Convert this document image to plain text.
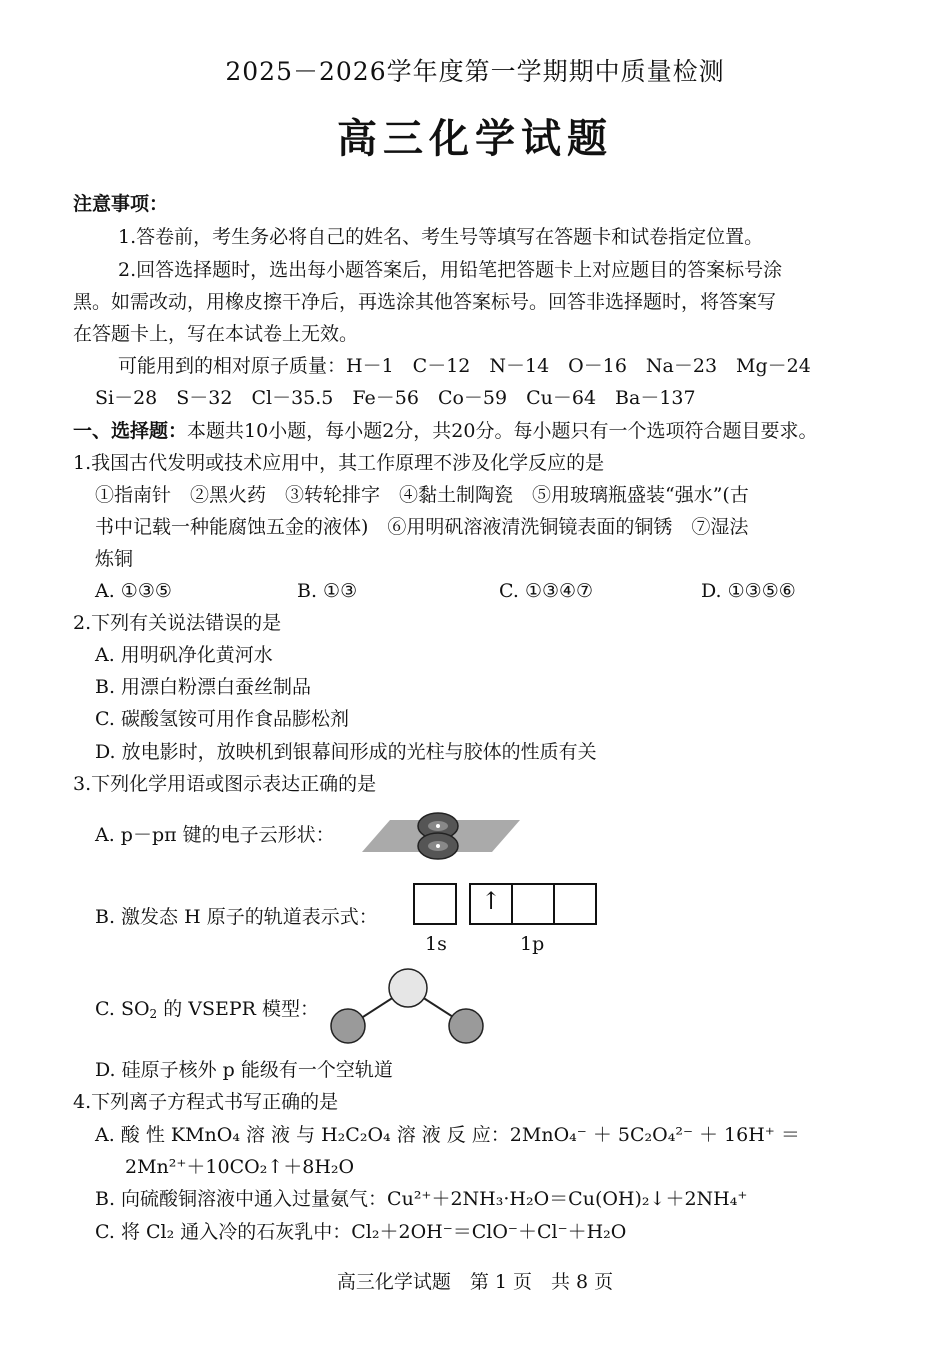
2025－2026学年度第一学期期中质量检测
高三化学试题
注意事项：
1.答卷前，考生务必将自己的姓名、考生号等填写在答题卡和试卷指定位置。
2.回答选择题时，选出每小题答案后，用铅笔把答题卡上对应题目的答案标号涂
黑。如需改动，用橡皮擦干净后，再选涂其他答案标号。回答非选择题时，将答案写
在答题卡上，写在本试卷上无效。
可能用到的相对原子质量：H－1　C－12　N－14　O－16　Na－23　Mg－24
Si－28　S－32　Cl－35.5　Fe－56　Co－59　Cu－64　Ba－137
一、选择题：本题共10小题，每小题2分，共20分。每小题只有一个选项符合题目要求。
1.我国古代发明或技术应用中，其工作原理不涉及化学反应的是
①指南针　②黑火药　③转轮排字　④黏土制陶瓷　⑤用玻璃瓶盛装“强水”(古
书中记载一种能腐蚀五金的液体)　⑥用明矾溶液清洗铜镜表面的铜锈　⑦湿法
炼铜
A. ①③⑤	B. ①③	C. ①③④⑦	D. ①③⑤⑥
2.下列有关说法错误的是
A. 用明矾净化黄河水
B. 用漂白粉漂白蚕丝制品
C. 碳酸氢铵可用作食品膨松剂
D. 放电影时，放映机到银幕间形成的光柱与胶体的性质有关
3.下列化学用语或图示表达正确的是
A. p－pπ 键的电子云形状：
B. 激发态 H 原子的轨道表示式：
↑
1s	1p
C. $SO_2$ 的 VSEPR 模型：
D. 硅原子核外 p 能级有一个空轨道
4.下列离子方程式书写正确的是
A. 酸 性 KMnO₄ 溶 液 与 H₂C₂O₄ 溶 液 反 应：2MnO₄⁻ ＋ 5C₂O₄²⁻ ＋ 16H⁺ ＝
2Mn²⁺＋10CO₂↑＋8H₂O
B. 向硫酸铜溶液中通入过量氨气：Cu²⁺＋2NH₃·H₂O＝Cu(OH)₂↓＋2NH₄⁺
C. 将 Cl₂ 通入冷的石灰乳中：Cl₂＋2OH⁻＝ClO⁻＋Cl⁻＋H₂O
高三化学试题　第 1 页　共 8 页
